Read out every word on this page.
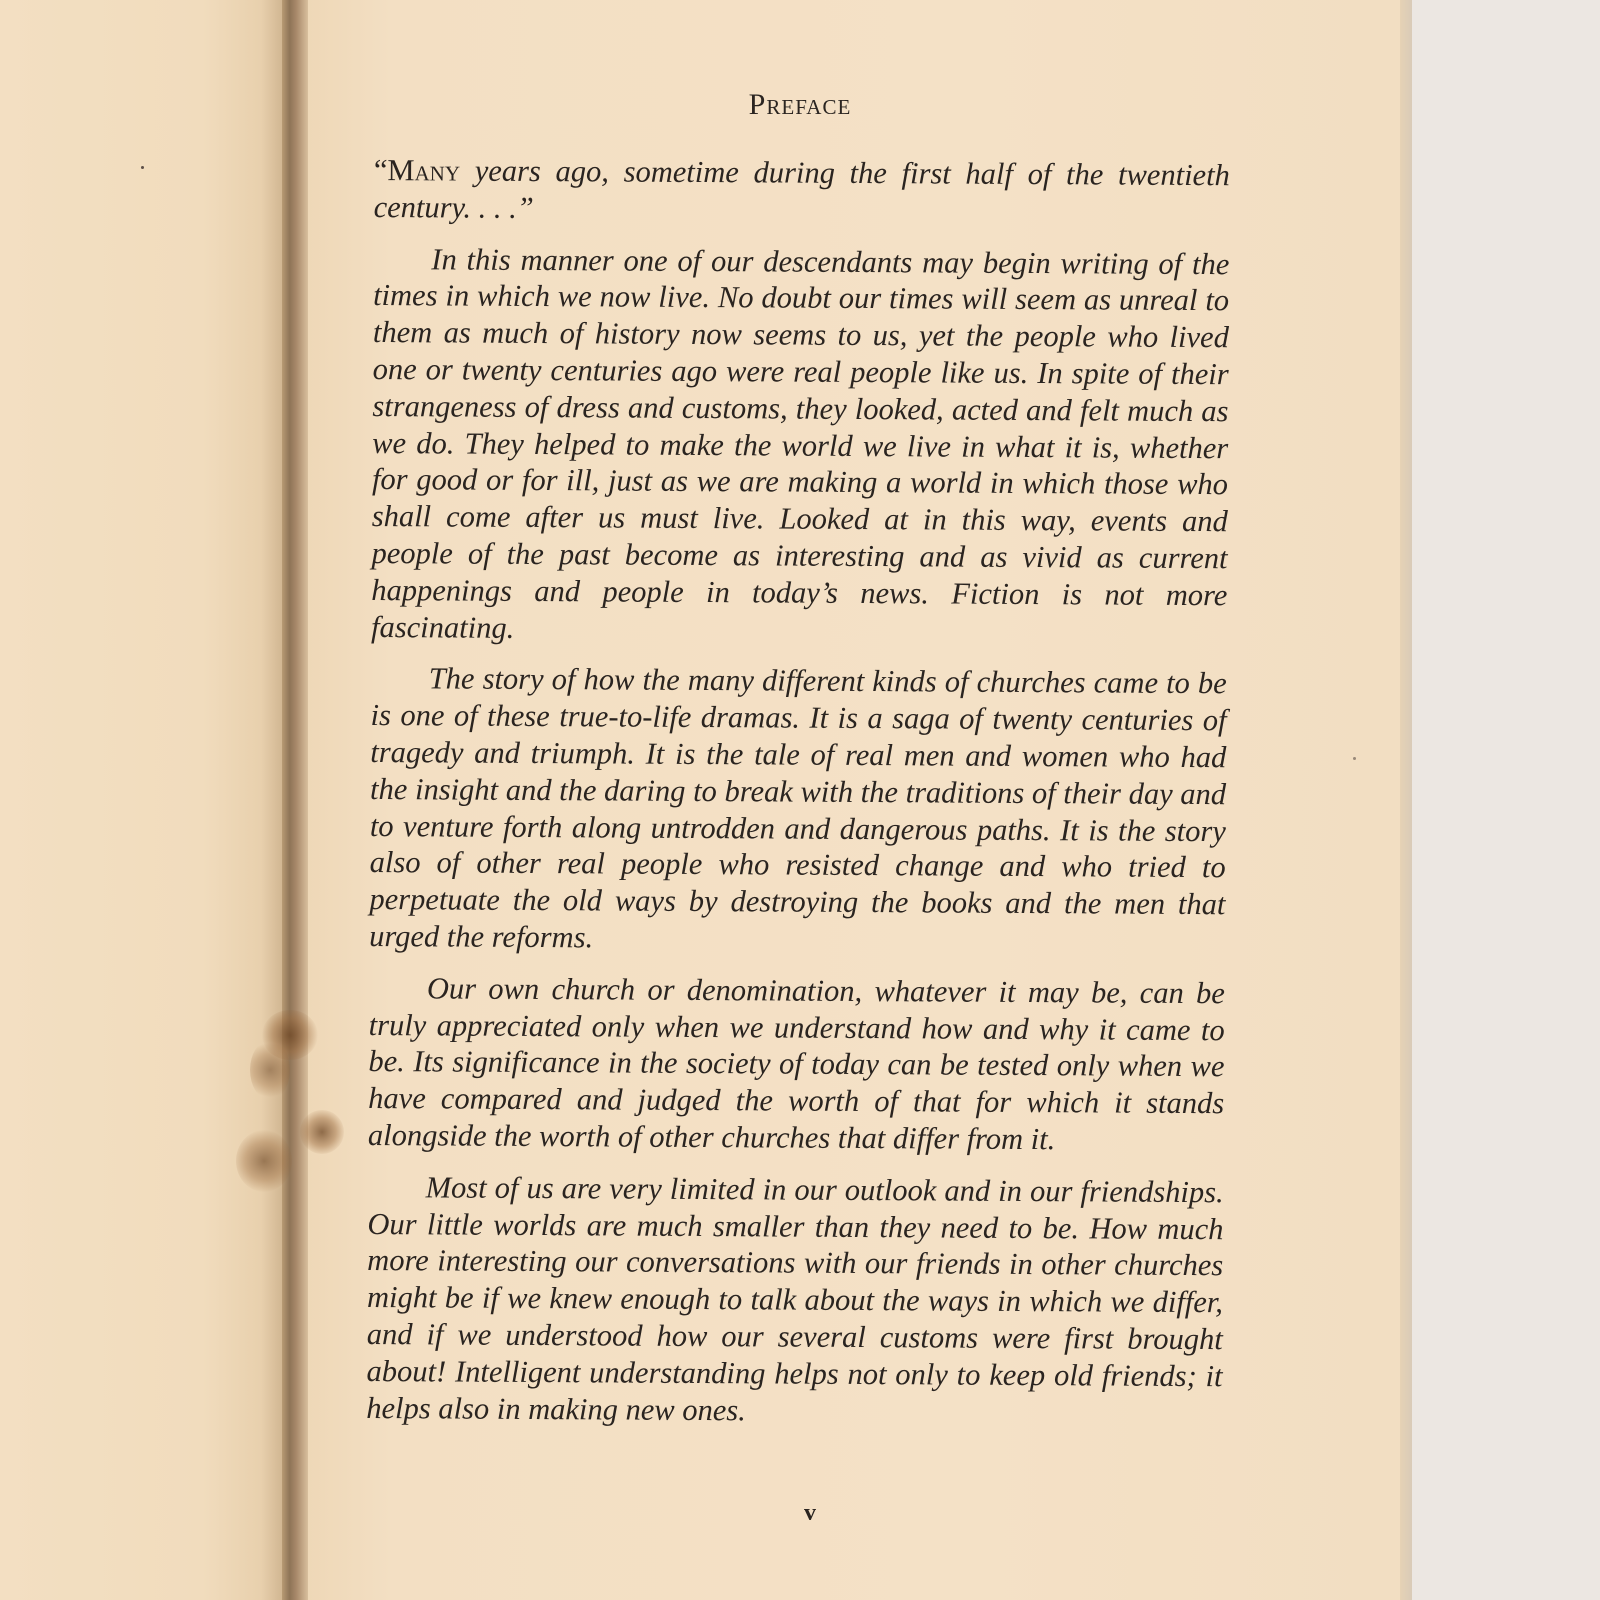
Preface

“Many years ago, sometime during the first half of the twentieth century. . . .”

In this manner one of our descendants may begin writing of the times in which we now live. No doubt our times will seem as unreal to them as much of history now seems to us, yet the people who lived one or twenty centuries ago were real people like us. In spite of their strangeness of dress and customs, they looked, acted and felt much as we do. They helped to make the world we live in what it is, whether for good or for ill, just as we are making a world in which those who shall come after us must live. Looked at in this way, events and people of the past become as interesting and as vivid as current happenings and people in today’s news. Fiction is not more fascinating.

The story of how the many different kinds of churches came to be is one of these true-to-life dramas. It is a saga of twenty centuries of tragedy and triumph. It is the tale of real men and women who had the insight and the daring to break with the traditions of their day and to venture forth along untrodden and dangerous paths. It is the story also of other real people who resisted change and who tried to perpetuate the old ways by destroying the books and the men that urged the reforms.

Our own church or denomination, whatever it may be, can be truly appreciated only when we understand how and why it came to be. Its significance in the society of today can be tested only when we have compared and judged the worth of that for which it stands alongside the worth of other churches that differ from it.

Most of us are very limited in our outlook and in our friendships. Our little worlds are much smaller than they need to be. How much more interesting our conversations with our friends in other churches might be if we knew enough to talk about the ways in which we differ, and if we understood how our several customs were first brought about! Intelligent understanding helps not only to keep old friends; it helps also in making new ones.

v
